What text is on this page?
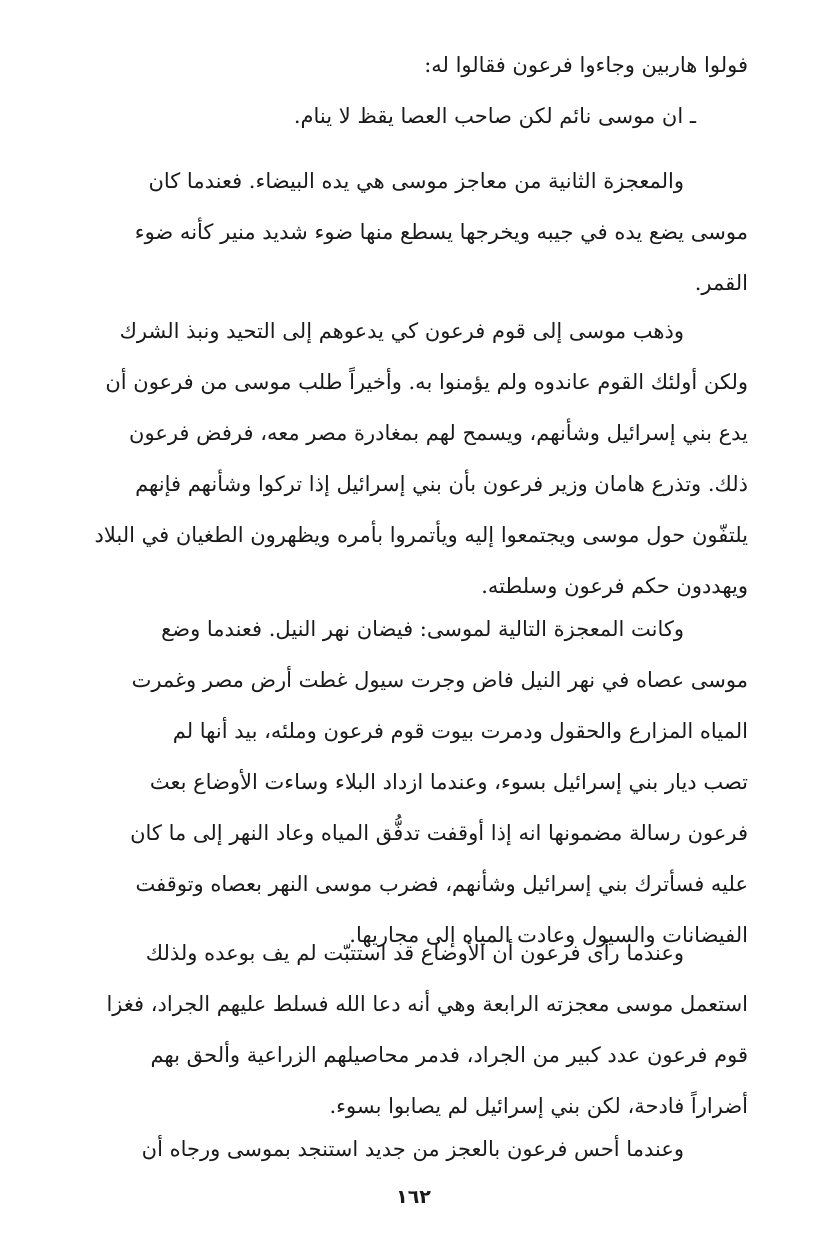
فولوا هاربين وجاءوا فرعون فقالوا له:
ـ ان موسى نائم لكن صاحب العصا يقظ لا ينام.
والمعجزة الثانية من معاجز موسى هي يده البيضاء. فعندما كان
موسى يضع يده في جيبه ويخرجها يسطع منها ضوء شديد منير كأنه ضوء
القمر.
وذهب موسى إلى قوم فرعون كي يدعوهم إلى التحيد ونبذ الشرك
ولكن أولئك القوم عاندوه ولم يؤمنوا به. وأخيراً طلب موسى من فرعون أن
يدع بني إسرائيل وشأنهم، ويسمح لهم بمغادرة مصر معه، فرفض فرعون
ذلك. وتذرع هامان وزير فرعون بأن بني إسرائيل إذا تركوا وشأنهم فإنهم
يلتفّون حول موسى ويجتمعوا إليه ويأتمروا بأمره ويظهرون الطغيان في البلاد
ويهددون حكم فرعون وسلطته.
وكانت المعجزة التالية لموسى: فيضان نهر النيل. فعندما وضع
موسى عصاه في نهر النيل فاض وجرت سيول غطت أرض مصر وغمرت
المياه المزارع والحقول ودمرت بيوت قوم فرعون وملئه، بيد أنها لم
تصب ديار بني إسرائيل بسوء، وعندما ازداد البلاء وساءت الأوضاع بعث
فرعون رسالة مضمونها انه إذا أوقفت تدفُّق المياه وعاد النهر إلى ما كان
عليه فسأترك بني إسرائيل وشأنهم، فضرب موسى النهر بعصاه وتوقفت
الفيضانات والسيول وعادت المياه إلى مجاريها.
وعندما رأى فرعون أن الأوضاع قد استتبّت لم يف بوعده ولذلك
استعمل موسى معجزته الرابعة وهي أنه دعا الله فسلط عليهم الجراد، فغزا
قوم فرعون عدد كبير من الجراد، فدمر محاصيلهم الزراعية وألحق بهم
أضراراً فادحة، لكن بني إسرائيل لم يصابوا بسوء.
وعندما أحس فرعون بالعجز من جديد استنجد بموسى ورجاه أن
١٦٢
